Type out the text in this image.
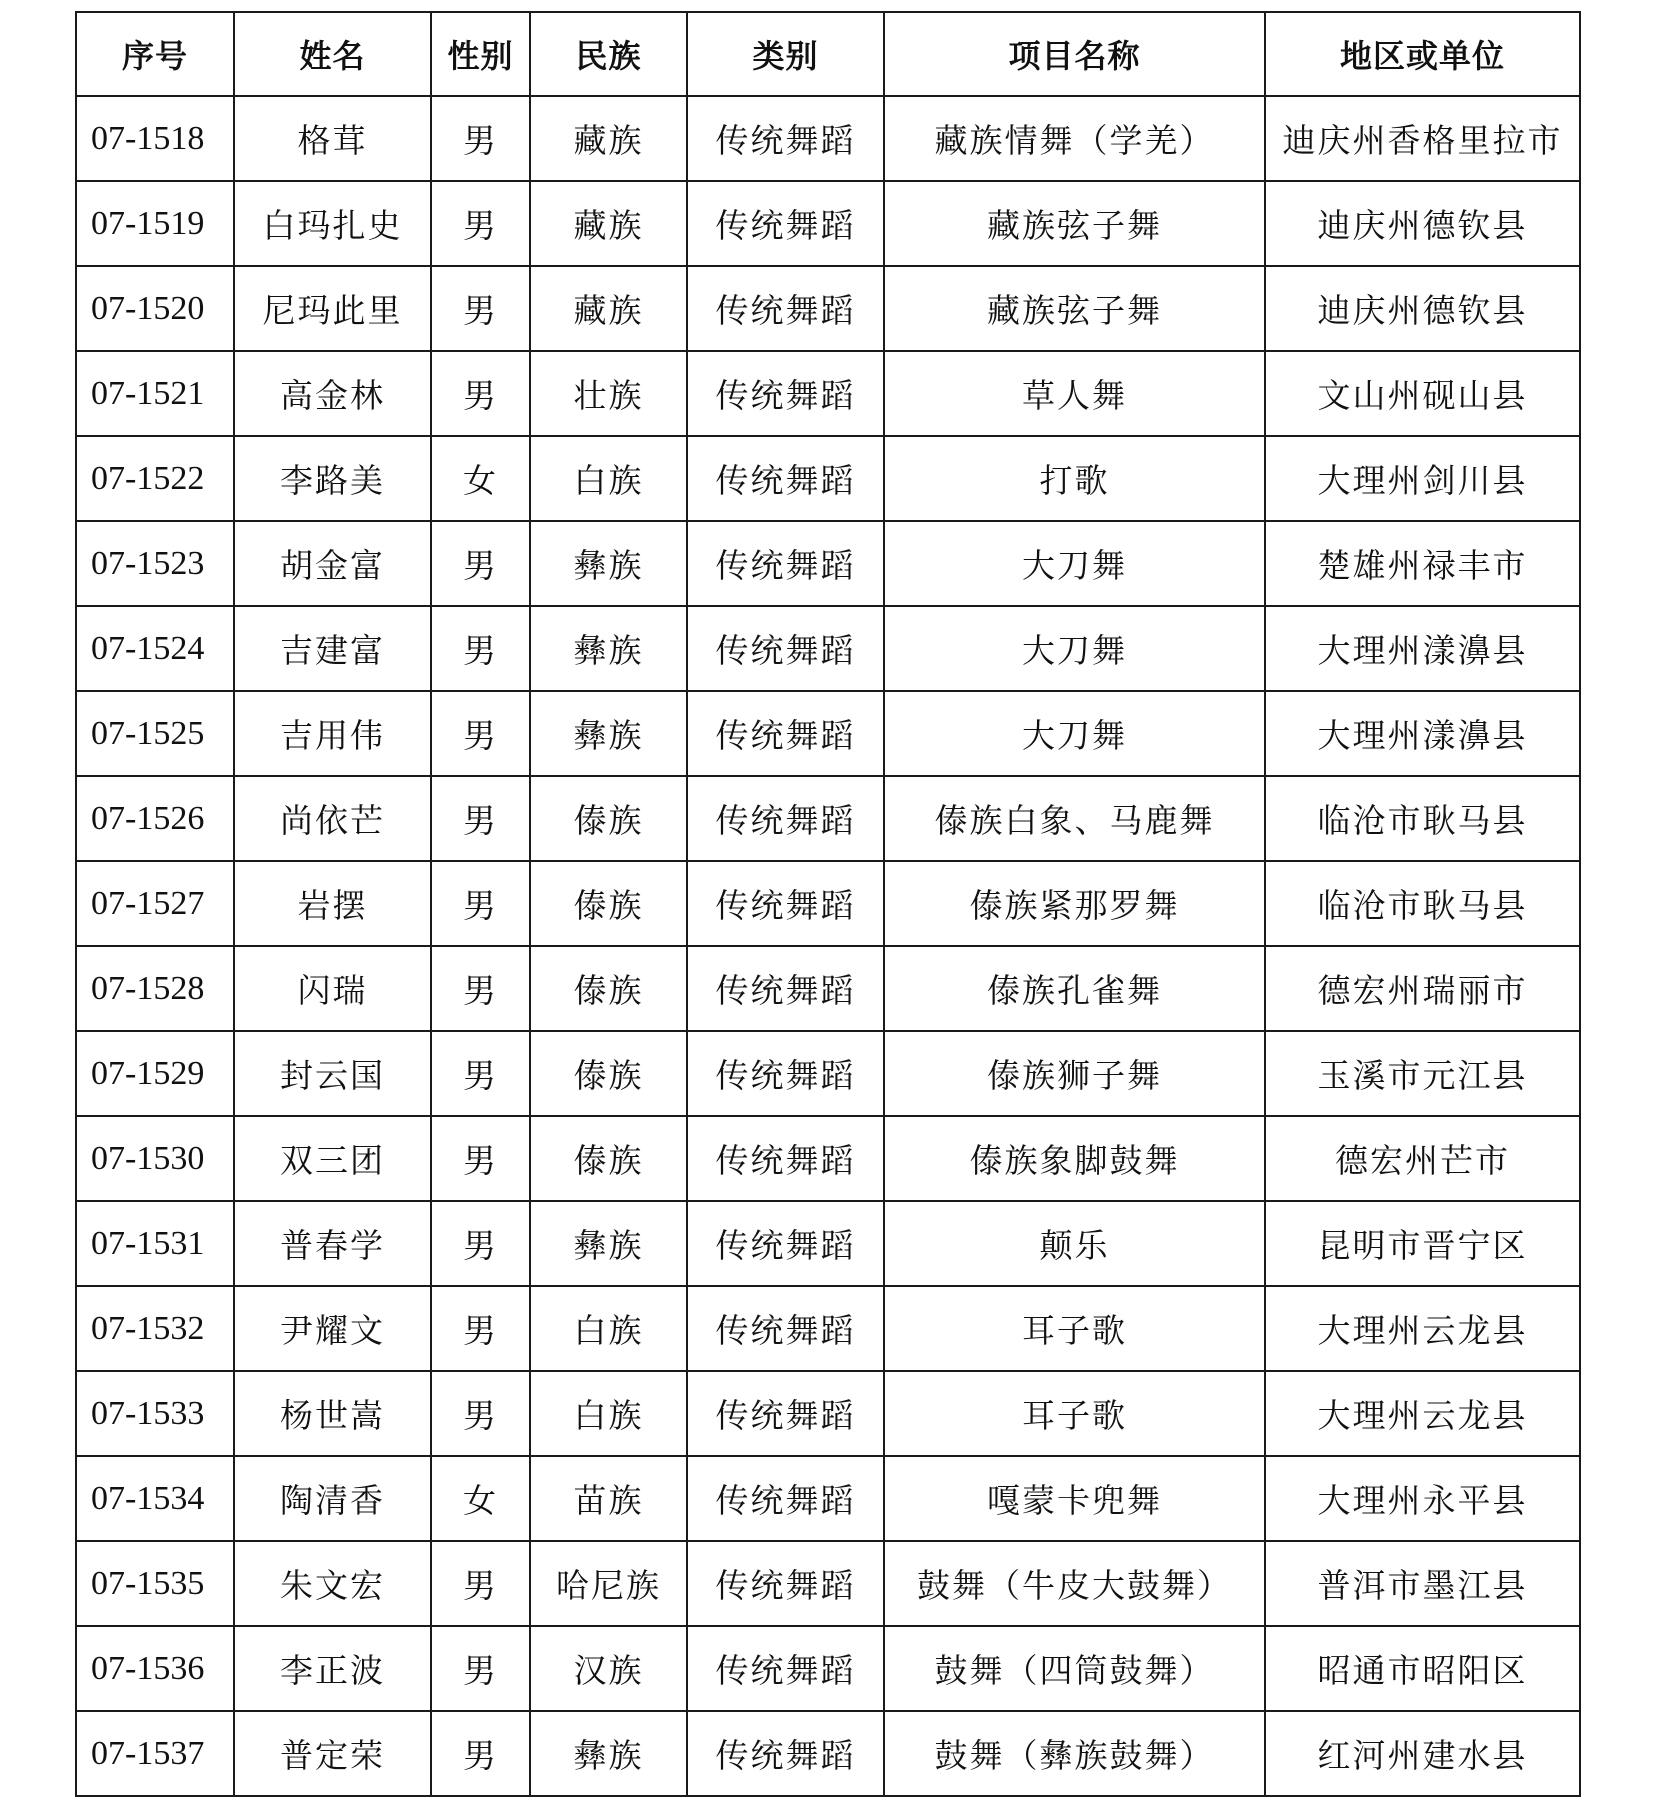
序号	姓名	性别	民族	类别	项目名称	地区或单位
07-1518	格茸	男	藏族	传统舞蹈	藏族情舞（学羌）	迪庆州香格里拉市
07-1519	白玛扎史	男	藏族	传统舞蹈	藏族弦子舞	迪庆州德钦县
07-1520	尼玛此里	男	藏族	传统舞蹈	藏族弦子舞	迪庆州德钦县
07-1521	高金林	男	壮族	传统舞蹈	草人舞	文山州砚山县
07-1522	李路美	女	白族	传统舞蹈	打歌	大理州剑川县
07-1523	胡金富	男	彝族	传统舞蹈	大刀舞	楚雄州禄丰市
07-1524	吉建富	男	彝族	传统舞蹈	大刀舞	大理州漾濞县
07-1525	吉用伟	男	彝族	传统舞蹈	大刀舞	大理州漾濞县
07-1526	尚依芒	男	傣族	传统舞蹈	傣族白象、马鹿舞	临沧市耿马县
07-1527	岩摆	男	傣族	传统舞蹈	傣族紧那罗舞	临沧市耿马县
07-1528	闪瑞	男	傣族	传统舞蹈	傣族孔雀舞	德宏州瑞丽市
07-1529	封云国	男	傣族	传统舞蹈	傣族狮子舞	玉溪市元江县
07-1530	双三团	男	傣族	传统舞蹈	傣族象脚鼓舞	德宏州芒市
07-1531	普春学	男	彝族	传统舞蹈	颠乐	昆明市晋宁区
07-1532	尹耀文	男	白族	传统舞蹈	耳子歌	大理州云龙县
07-1533	杨世嵩	男	白族	传统舞蹈	耳子歌	大理州云龙县
07-1534	陶清香	女	苗族	传统舞蹈	嘎蒙卡兜舞	大理州永平县
07-1535	朱文宏	男	哈尼族	传统舞蹈	鼓舞（牛皮大鼓舞）	普洱市墨江县
07-1536	李正波	男	汉族	传统舞蹈	鼓舞（四筒鼓舞）	昭通市昭阳区
07-1537	普定荣	男	彝族	传统舞蹈	鼓舞（彝族鼓舞）	红河州建水县
